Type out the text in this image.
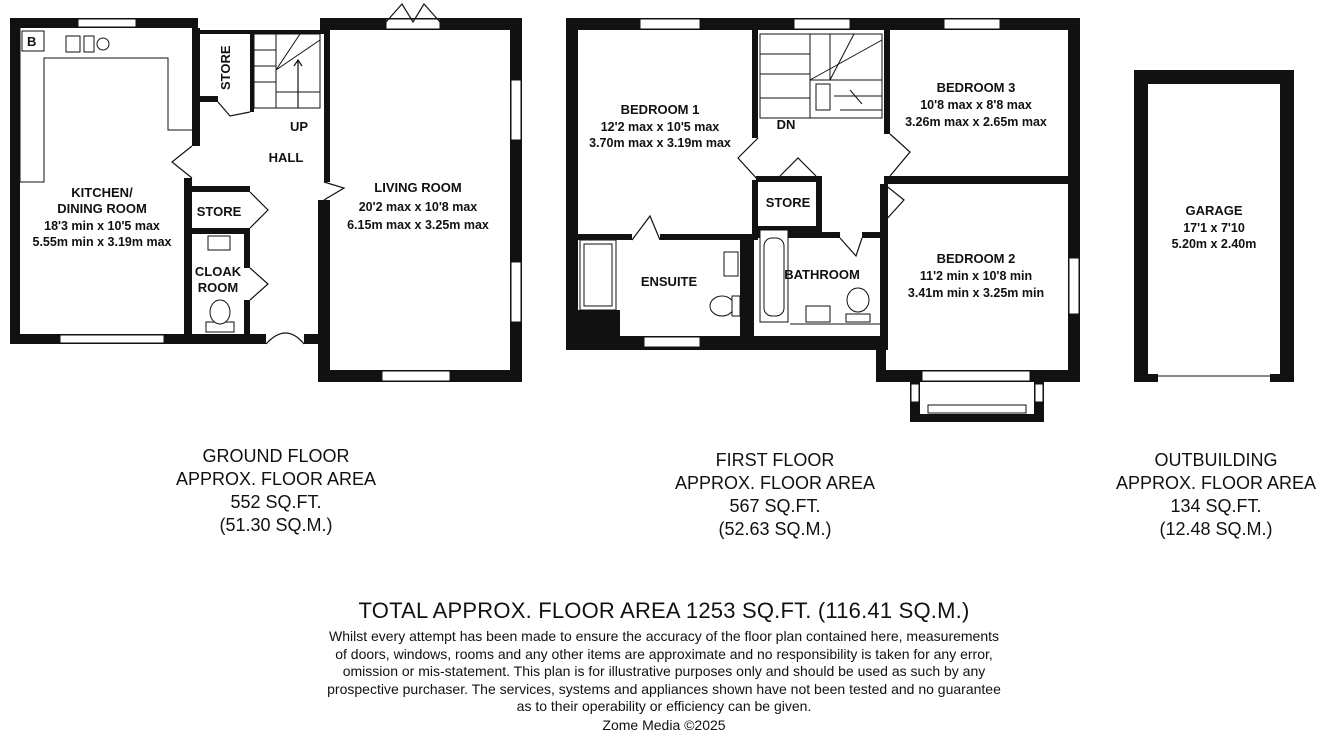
B
STORE
UP
HALL
KITCHEN/
DINING ROOM
18'3 min x 10'5 max
5.55m min x 3.19m max
STORE
CLOAK
ROOM
LIVING ROOM
20'2 max x 10'8 max
6.15m max x 3.25m max
BEDROOM 1
12'2 max x 10'5 max
3.70m max x 3.19m max
DN
BEDROOM 3
10'8 max x 8'8 max
3.26m max x 2.65m max
STORE
ENSUITE	BATHROOM
BEDROOM 2
11'2 min x 10'8 min
3.41m min x 3.25m min
GARAGE
17'1 x 7'10
5.20m x 2.40m
GROUND FLOOR
APPROX. FLOOR AREA
552 SQ.FT.
(51.30 SQ.M.)
FIRST FLOOR
APPROX. FLOOR AREA
567 SQ.FT.
(52.63 SQ.M.)
OUTBUILDING
APPROX. FLOOR AREA
134 SQ.FT.
(12.48 SQ.M.)
TOTAL APPROX. FLOOR AREA 1253 SQ.FT. (116.41 SQ.M.)
Whilst every attempt has been made to ensure the accuracy of the floor plan contained here, measurements
of doors, windows, rooms and any other items are approximate and no responsibility is taken for any error,
omission or mis-statement. This plan is for illustrative purposes only and should be used as such by any
prospective purchaser. The services, systems and appliances shown have not been tested and no guarantee
as to their operability or efficiency can be given.
Zome Media ©2025
